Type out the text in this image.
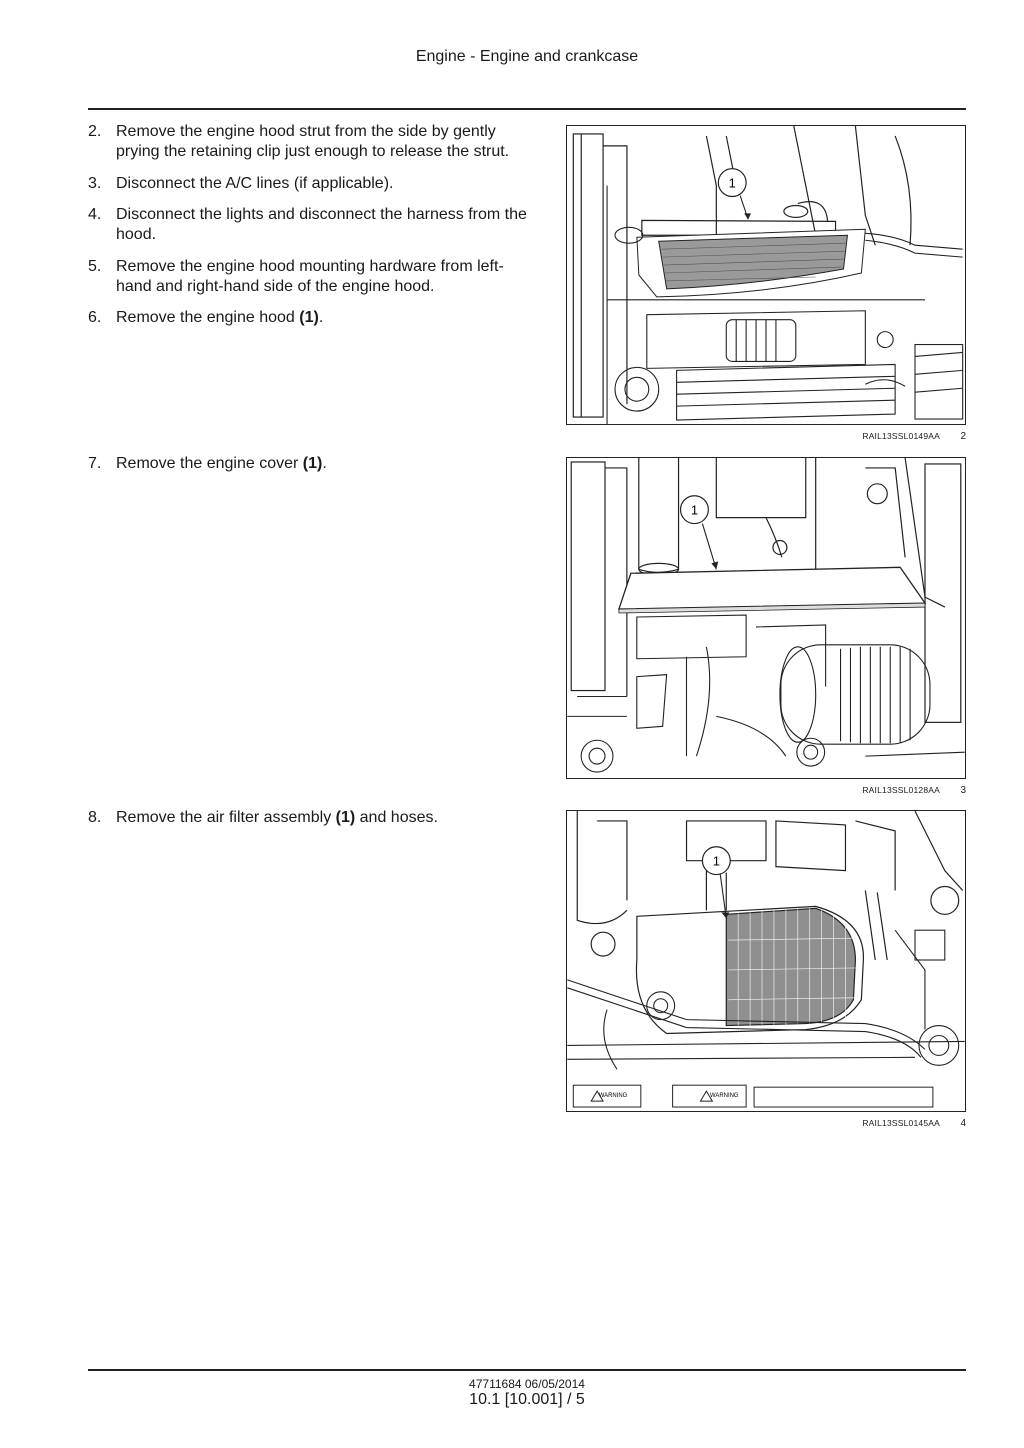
Engine - Engine and crankcase
2. Remove the engine hood strut from the side by gently prying the retaining clip just enough to release the strut.
3. Disconnect the A/C lines (if applicable).
4. Disconnect the lights and disconnect the harness from the hood.
5. Remove the engine hood mounting hardware from left-hand and right-hand side of the engine hood.
6. Remove the engine hood (1).
7. Remove the engine cover (1).
8. Remove the air filter assembly (1) and hoses.
1
RAIL13SSL0149AA 2
1
RAIL13SSL0128AA 3
WARNING	WARNING
1
RAIL13SSL0145AA 4
47711684 06/05/2014
10.1 [10.001] / 5
